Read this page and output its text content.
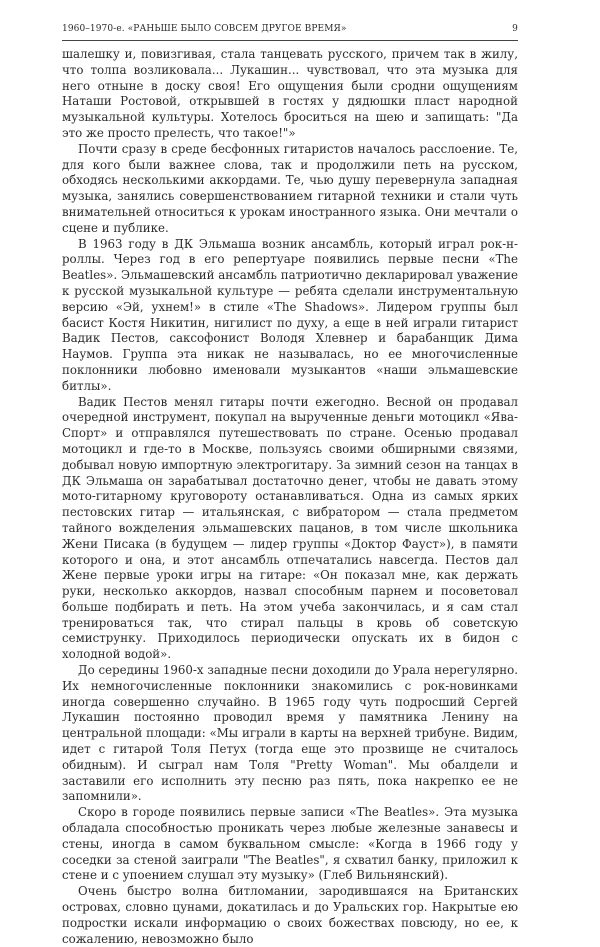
1960–1970-е. «РАНЬШЕ БЫЛО СОВСЕМ ДРУГОЕ ВРЕМЯ»	9

шалешку и, повизгивая, стала танцевать русского, причем так в жилу, что толпа возликовала... Лукашин... чувствовал, что эта музыка для него отныне в доску своя! Его ощущения были сродни ощущениям Наташи Ростовой, открывшей в гостях у дядюшки пласт народной музыкальной культуры. Хотелось броситься на шею и запищать: "Да это же просто прелесть, что такое!"»

Почти сразу в среде бесфонных гитаристов началось расслоение. Те, для кого были важнее слова, так и продолжили петь на русском, обходясь несколькими аккордами. Те, чью душу перевернула западная музыка, занялись совершенствованием гитарной техники и стали чуть внимательней относиться к урокам иностранного языка. Они мечтали о сцене и публике.

В 1963 году в ДК Эльмаша возник ансамбль, который играл рок-н-роллы. Через год в его репертуаре появились первые песни «The Beatles». Эльмашевский ансамбль патриотично декларировал уважение к русской музыкальной культуре — ребята сделали инструментальную версию «Эй, ухнем!» в стиле «The Shadows». Лидером группы был басист Костя Никитин, нигилист по духу, а еще в ней играли гитарист Вадик Пестов, саксофонист Володя Хлевнер и барабанщик Дима Наумов. Группа эта никак не называлась, но ее многочисленные поклонники любовно именовали музыкантов «наши эльмашевские битлы».

Вадик Пестов менял гитары почти ежегодно. Весной он продавал очередной инструмент, покупал на вырученные деньги мотоцикл «Ява-Спорт» и отправлялся путешествовать по стране. Осенью продавал мотоцикл и где-то в Москве, пользуясь своими обширными связями, добывал новую импортную электрогитару. За зимний сезон на танцах в ДК Эльмаша он зарабатывал достаточно денег, чтобы не давать этому мото-гитарному круговороту останавливаться. Одна из самых ярких пестовских гитар — итальянская, с вибратором — стала предметом тайного вожделения эльмашевских пацанов, в том числе школьника Жени Писака (в будущем — лидер группы «Доктор Фауст»), в памяти которого и она, и этот ансамбль отпечатались навсегда. Пестов дал Жене первые уроки игры на гитаре: «Он показал мне, как держать руки, несколько аккордов, назвал способным парнем и посоветовал больше подбирать и петь. На этом учеба закончилась, и я сам стал тренироваться так, что стирал пальцы в кровь об советскую семиструнку. Приходилось периодически опускать их в бидон с холодной водой».

До середины 1960-х западные песни доходили до Урала нерегулярно. Их немногочисленные поклонники знакомились с рок-новинками иногда совершенно случайно. В 1965 году чуть подросший Сергей Лукашин постоянно проводил время у памятника Ленину на центральной площади: «Мы играли в карты на верхней трибуне. Видим, идет с гитарой Толя Петух (тогда еще это прозвище не считалось обидным). И сыграл нам Толя "Pretty Woman". Мы обалдели и заставили его исполнить эту песню раз пять, пока накрепко ее не запомнили».

Скоро в городе появились первые записи «The Beatles». Эта музыка обладала способностью проникать через любые железные занавесы и стены, иногда в самом буквальном смысле: «Когда в 1966 году у соседки за стеной заиграли "The Beatles", я схватил банку, приложил к стене и с упоением слушал эту музыку» (Глеб Вильнянский).

Очень быстро волна битломании, зародившаяся на Британских островах, словно цунами, докатилась и до Уральских гор. Накрытые ею подростки искали информацию о своих божествах повсюду, но ее, к сожалению, невозможно было
